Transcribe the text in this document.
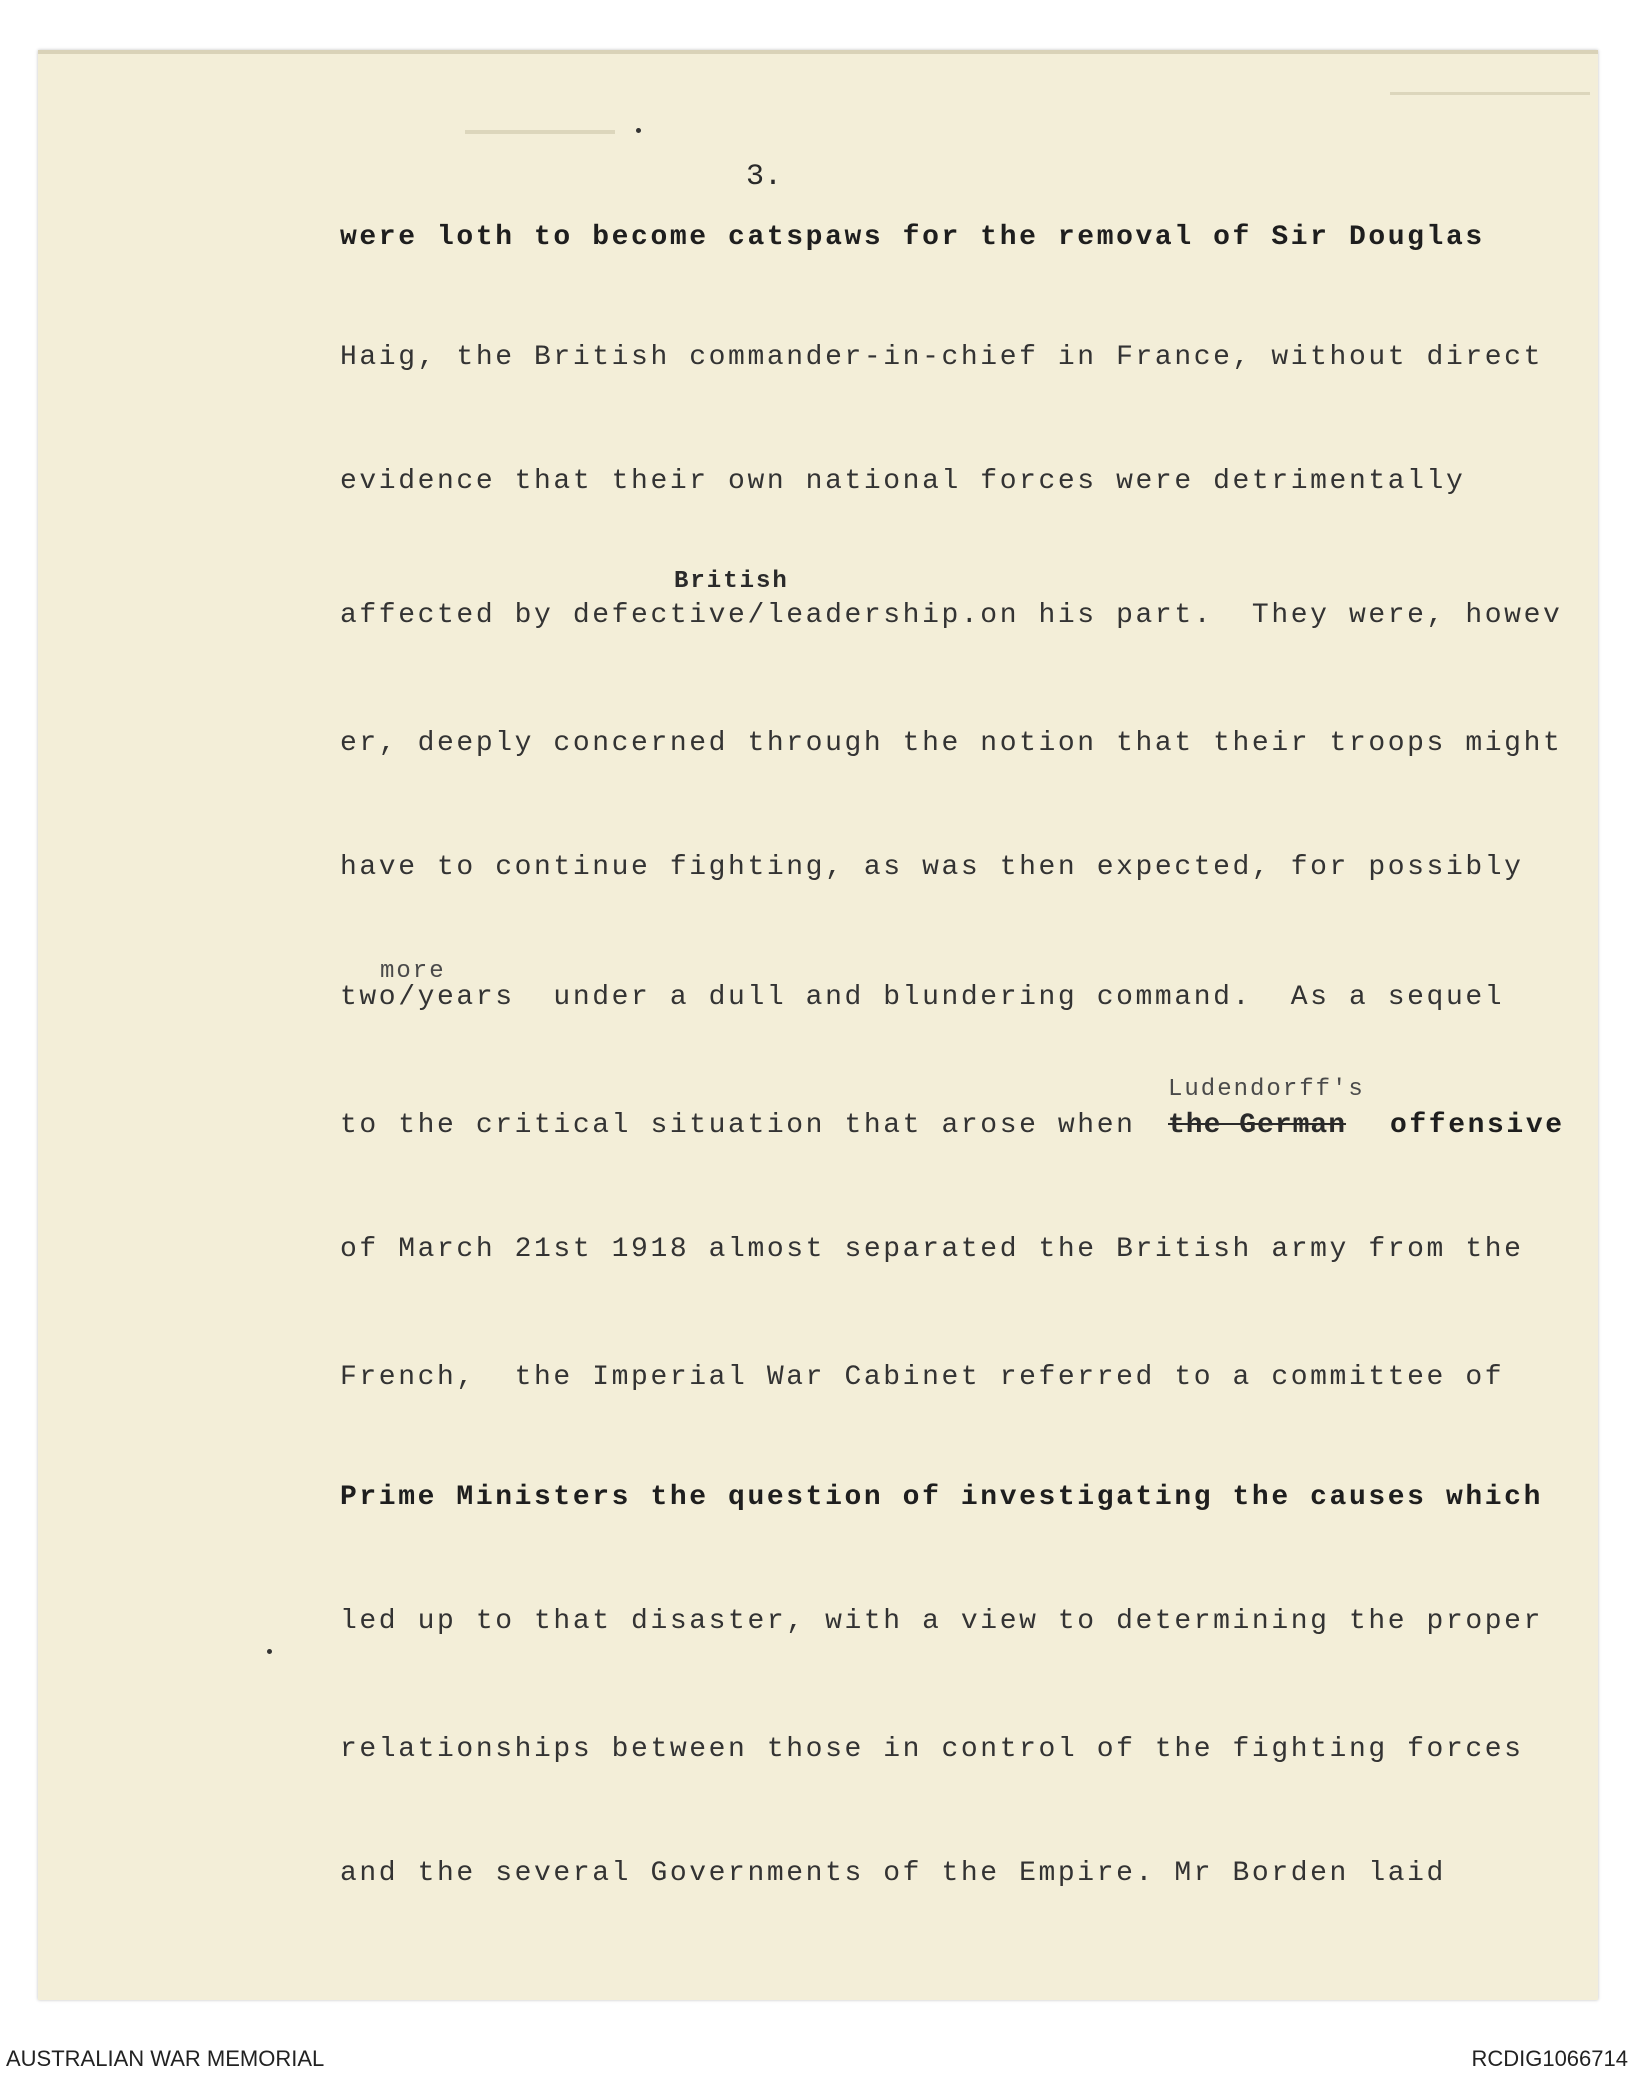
3.
were loth to become catspaws for the removal of Sir Douglas
Haig, the British commander-in-chief in France, without direct
evidence that their own national forces were detrimentally
British
affected by defective/leadership.on his part.  They were, howev
er, deeply concerned through the notion that their troops might
have to continue fighting, as was then expected, for possibly
more
two/years  under a dull and blundering command.  As a sequel
Ludendorff's
to the critical situation that arose when the German offensive
of March 21st 1918 almost separated the British army from the
French,  the Imperial War Cabinet referred to a committee of
Prime Ministers the question of investigating the causes which
led up to that disaster, with a view to determining the proper
relationships between those in control of the fighting forces
and the several Governments of the Empire. Mr Borden laid
AUSTRALIAN WAR MEMORIAL	RCDIG1066714
